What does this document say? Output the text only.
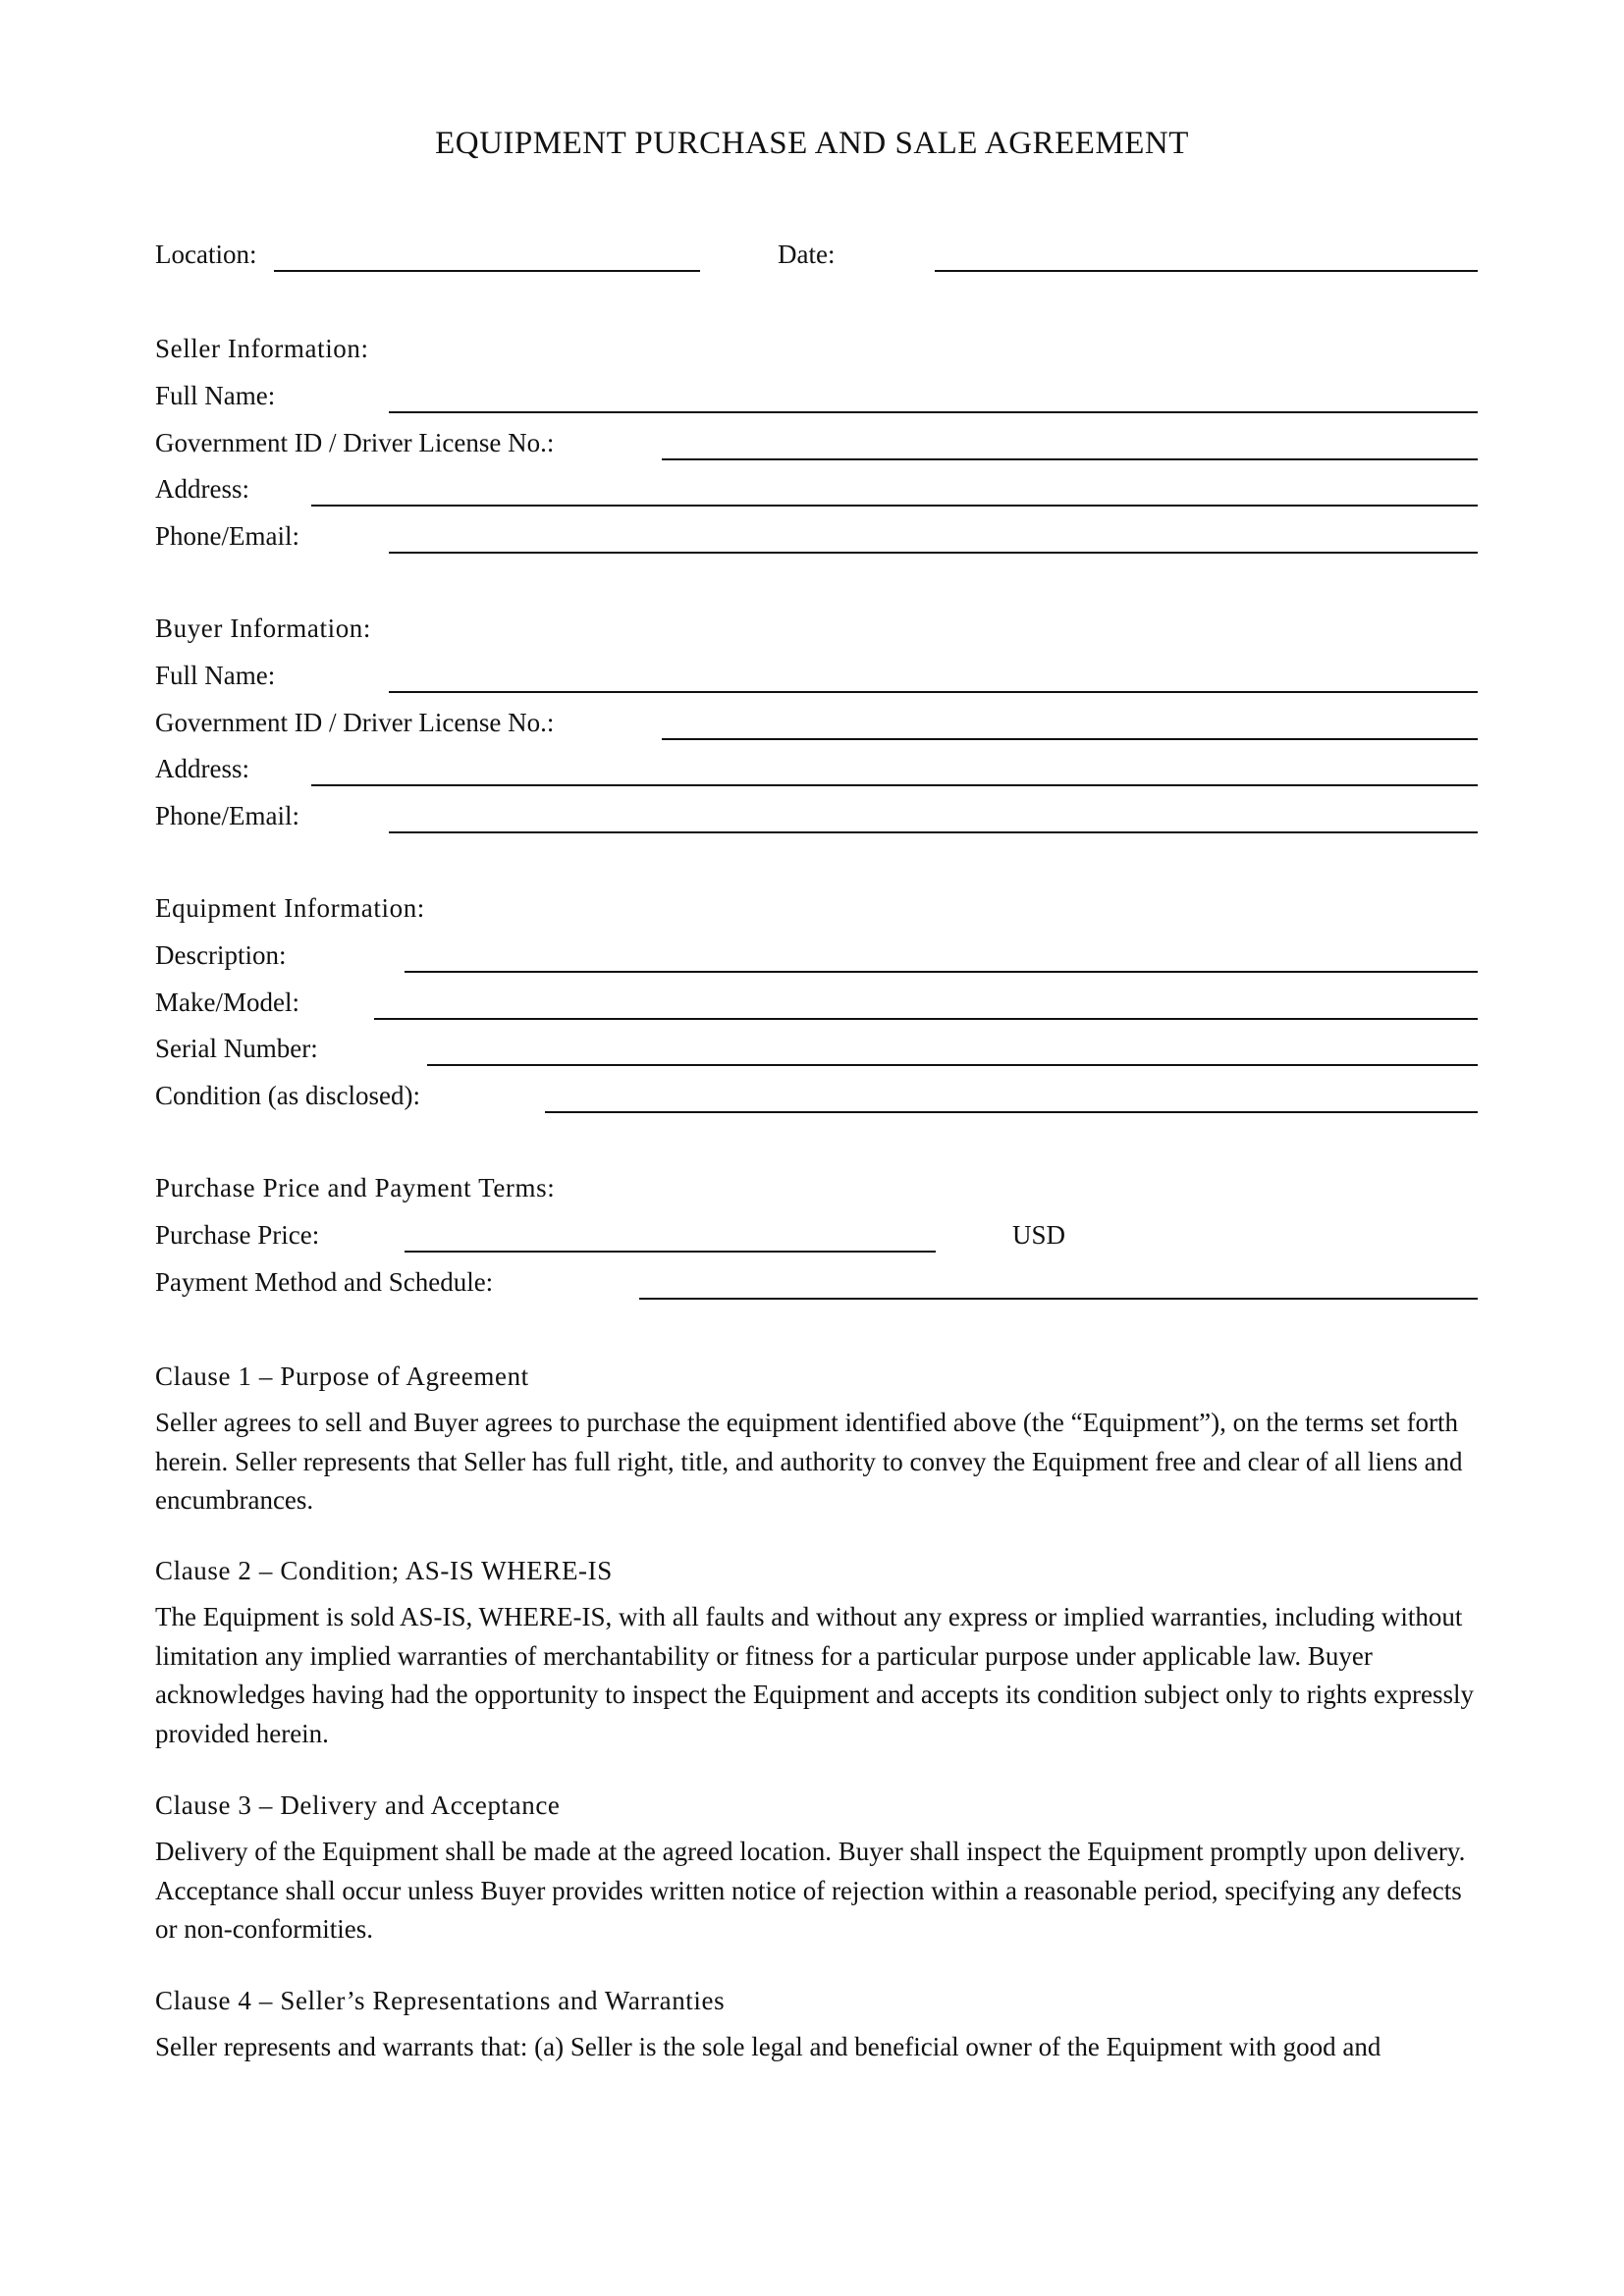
EQUIPMENT PURCHASE AND SALE AGREEMENT
Location:	Date:
Seller Information:
Full Name:
Government ID / Driver License No.:
Address:
Phone/Email:
Buyer Information:
Full Name:
Government ID / Driver License No.:
Address:
Phone/Email:
Equipment Information:
Description:
Make/Model:
Serial Number:
Condition (as disclosed):
Purchase Price and Payment Terms:
Purchase Price:	USD
Payment Method and Schedule:
Clause 1 – Purpose of Agreement
Seller agrees to sell and Buyer agrees to purchase the equipment identified above (the “Equipment”), on the terms set forth herein. Seller represents that Seller has full right, title, and authority to convey the Equipment free and clear of all liens and encumbrances.
Clause 2 – Condition; AS-IS WHERE-IS
The Equipment is sold AS-IS, WHERE-IS, with all faults and without any express or implied warranties, including without limitation any implied warranties of merchantability or fitness for a particular purpose under applicable law. Buyer acknowledges having had the opportunity to inspect the Equipment and accepts its condition subject only to rights expressly provided herein.
Clause 3 – Delivery and Acceptance
Delivery of the Equipment shall be made at the agreed location. Buyer shall inspect the Equipment promptly upon delivery. Acceptance shall occur unless Buyer provides written notice of rejection within a reasonable period, specifying any defects or non-conformities.
Clause 4 – Seller’s Representations and Warranties
Seller represents and warrants that: (a) Seller is the sole legal and beneficial owner of the Equipment with good and
